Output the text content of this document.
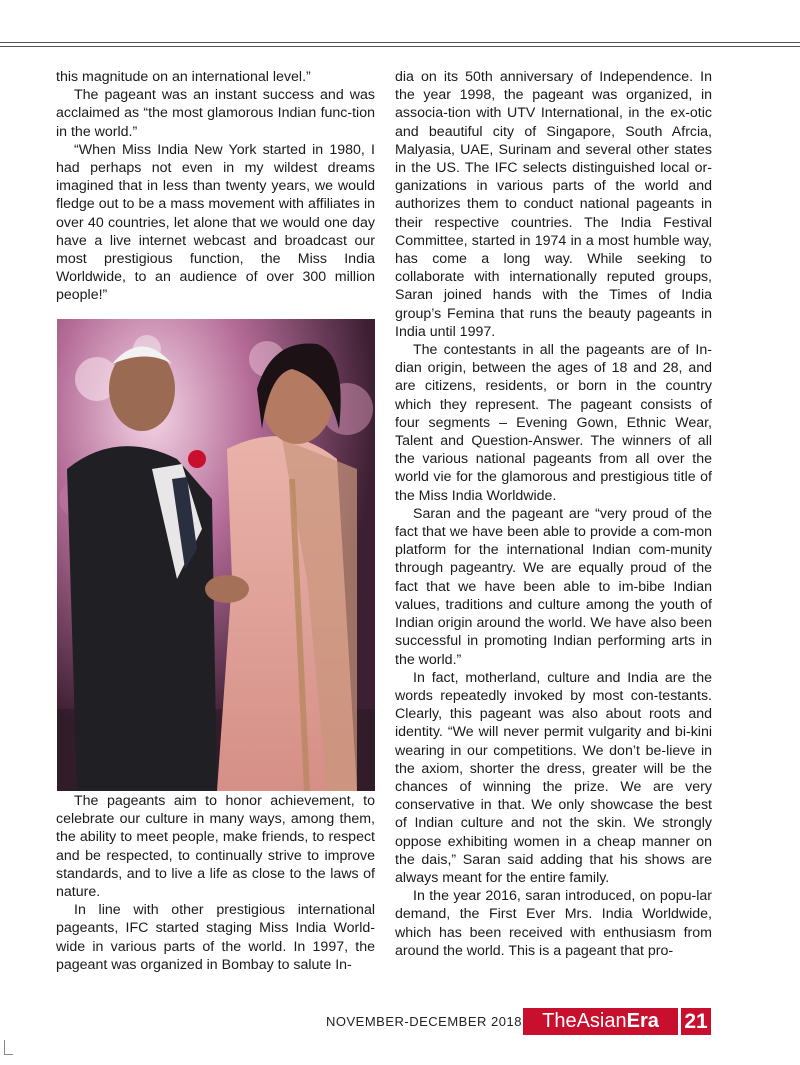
this magnitude on an international level.”

The pageant was an instant success and was acclaimed as “the most glamorous Indian func-tion in the world.”

“When Miss India New York started in 1980, I had perhaps not even in my wildest dreams imagined that in less than twenty years, we would fledge out to be a mass movement with affiliates in over 40 countries, let alone that we would one day have a live internet webcast and broadcast our most prestigious function, the Miss India Worldwide, to an audience of over 300 million people!”

The pageants aim to honor achievement, to celebrate our culture in many ways, among them, the ability to meet people, make friends, to respect and be respected, to continually strive to improve standards, and to live a life as close to the laws of nature.

In line with other prestigious international pageants, IFC started staging Miss India World-wide in various parts of the world. In 1997, the pageant was organized in Bombay to salute In-

dia on its 50th anniversary of Independence. In the year 1998, the pageant was organized, in associa-tion with UTV International, in the ex-otic and beautiful city of Singapore, South Afrcia, Malyasia, UAE, Surinam and several other states in the US. The IFC selects distinguished local or-ganizations in various parts of the world and authorizes them to conduct national pageants in their respective countries. The India Festival Committee, started in 1974 in a most humble way, has come a long way. While seeking to collaborate with internationally reputed groups, Saran joined hands with the Times of India group’s Femina that runs the beauty pageants in India until 1997.

The contestants in all the pageants are of In-dian origin, between the ages of 18 and 28, and are citizens, residents, or born in the country which they represent. The pageant consists of four segments – Evening Gown, Ethnic Wear, Talent and Question-Answer. The winners of all the various national pageants from all over the world vie for the glamorous and prestigious title of the Miss India Worldwide.

Saran and the pageant are “very proud of the fact that we have been able to provide a com-mon platform for the international Indian com-munity through pageantry. We are equally proud of the fact that we have been able to im-bibe Indian values, traditions and culture among the youth of Indian origin around the world. We have also been successful in promoting Indian performing arts in the world.”

In fact, motherland, culture and India are the words repeatedly invoked by most con-testants. Clearly, this pageant was also about roots and identity. “We will never permit vulgarity and bi-kini wearing in our competitions. We don’t be-lieve in the axiom, shorter the dress, greater will be the chances of winning the prize. We are very conservative in that. We only showcase the best of Indian culture and not the skin. We strongly oppose exhibiting women in a cheap manner on the dais,” Saran said adding that his shows are always meant for the entire family.

In the year 2016, saran introduced, on popu-lar demand, the First Ever Mrs. India Worldwide, which has been received with enthusiasm from around the world. This is a pageant that pro-

NOVEMBER-DECEMBER 2018	TheAsianEra	21
